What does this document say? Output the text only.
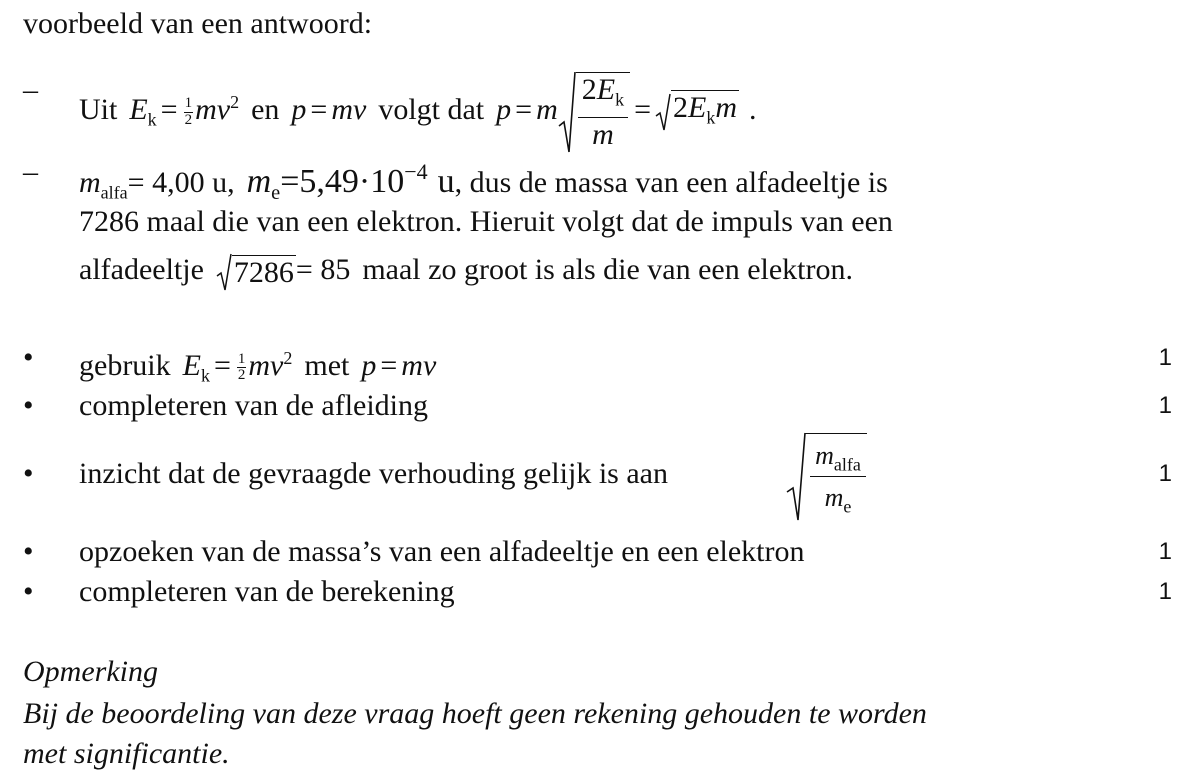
voorbeeld van een antwoord:
–
Uit $E_k = \frac{1}{2} mv^2$ en p = mv volgt dat p = m $\frac{2E_k}{m} = 2E_km$ .
–	$m_{alfa}= 4,00$ u, $m_e=5,49\cdot 10^{-4}$ u, dus de massa van een alfadeeltje is
7286 maal die van een elektron. Hieruit volgt dat de impuls van een
alfadeeltje 7286= 85 maal zo groot is als die van een elektron.
•	gebruik $E_k = \frac{1}{2} mv^2$ met p = mv	1
•	completeren van de afleiding	1
•	inzicht dat de gevraagde verhouding gelijk is aan	1
$m_{alfa}$
$m_e$
•	opzoeken van de massa’s van een alfadeeltje en een elektron	1
•	completeren van de berekening	1
Opmerking
Bij de beoordeling van deze vraag hoeft geen rekening gehouden te worden
met significantie.
